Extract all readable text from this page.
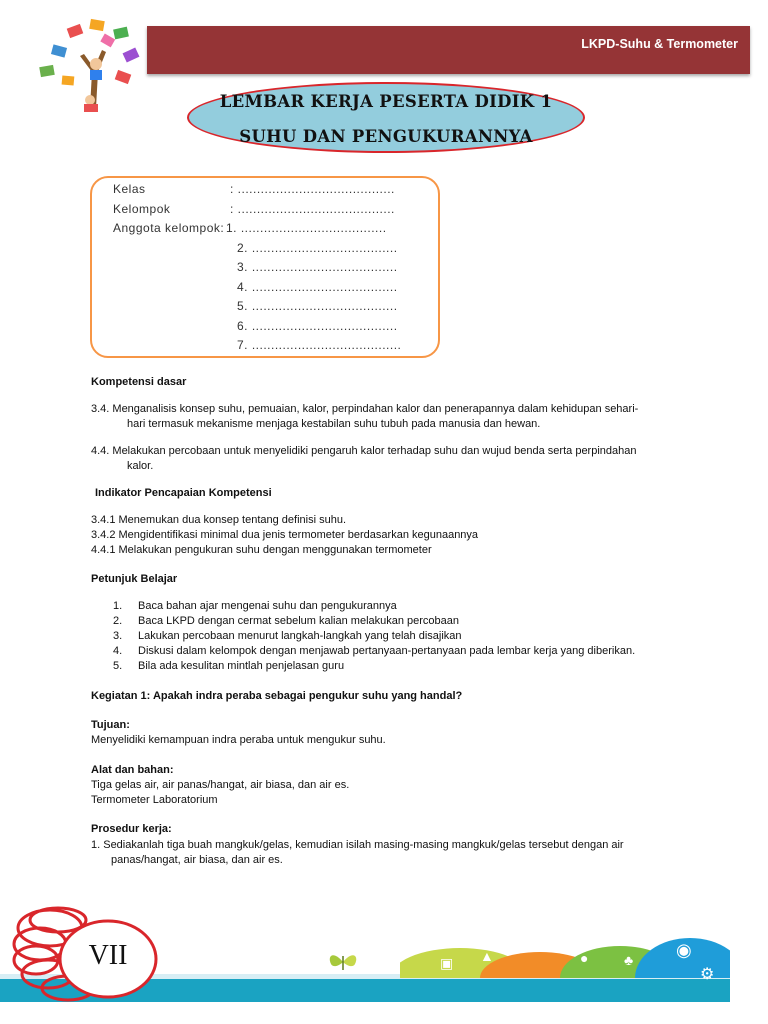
LKPD-Suhu & Termometer
LEMBAR KERJA PESERTA DIDIK 1
SUHU DAN PENGUKURANNYA
Kelas	: .........................................
Kelompok	: .........................................
Anggota kelompok: 1. ......................................
2. ......................................
3. ......................................
4. ......................................
5. ......................................
6. ......................................
7. .......................................
Kompetensi dasar
3.4. Menganalisis konsep suhu, pemuaian, kalor, perpindahan kalor dan penerapannya dalam kehidupan sehari-
hari termasuk mekanisme menjaga kestabilan suhu tubuh pada manusia dan hewan.
4.4. Melakukan percobaan untuk menyelidiki pengaruh kalor terhadap suhu dan wujud benda serta perpindahan
kalor.
Indikator Pencapaian Kompetensi
3.4.1 Menemukan dua konsep tentang definisi suhu.
3.4.2 Mengidentifikasi minimal dua jenis termometer berdasarkan kegunaannya
4.4.1 Melakukan pengukuran suhu dengan menggunakan termometer
Petunjuk Belajar
1. Baca bahan ajar mengenai suhu dan pengukurannya
2. Baca LKPD dengan cermat sebelum kalian melakukan percobaan
3. Lakukan percobaan menurut langkah-langkah yang telah disajikan
4. Diskusi dalam kelompok dengan menjawab pertanyaan-pertanyaan pada lembar kerja yang diberikan.
5. Bila ada kesulitan mintlah penjelasan guru
Kegiatan 1: Apakah indra peraba sebagai pengukur suhu yang handal?
Tujuan:
Menyelidiki kemampuan indra peraba untuk mengukur suhu.
Alat dan bahan:
Tiga gelas air, air panas/hangat, air biasa, dan air es.
Termometer Laboratorium
Prosedur kerja:
1. Sediakanlah tiga buah mangkuk/gelas, kemudian isilah masing-masing mangkuk/gelas tersebut dengan air
panas/hangat, air biasa, dan air es.
▣ ▲	●	♣ ◉
⚙
VII
